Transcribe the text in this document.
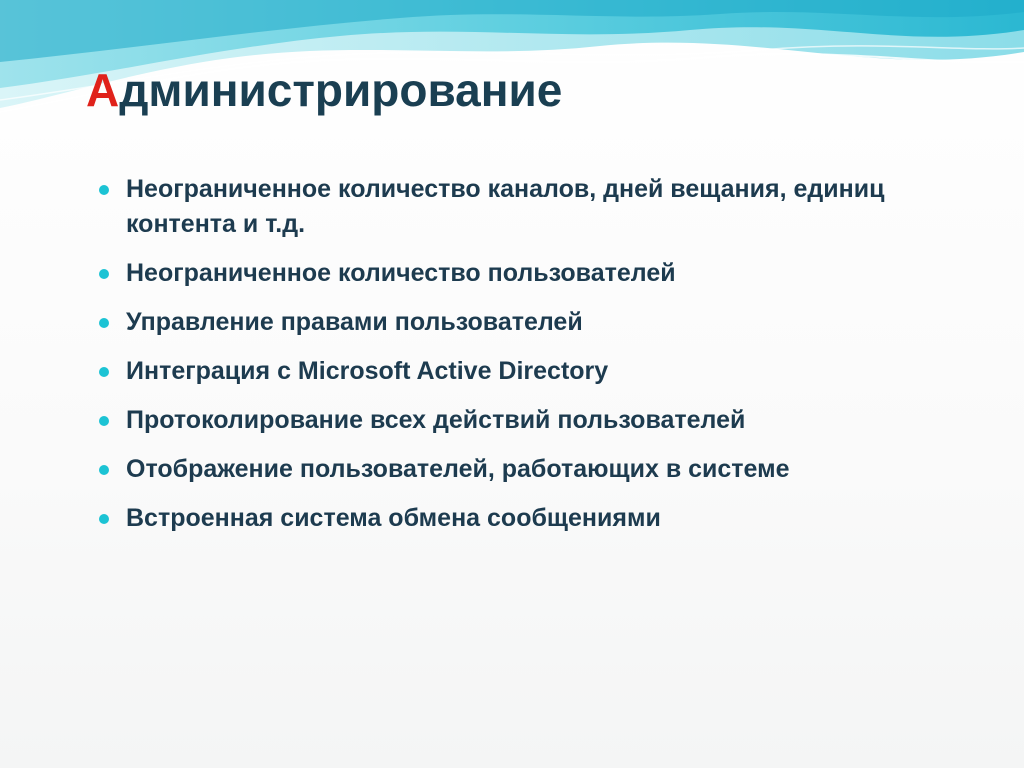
Администрирование
Неограниченное количество каналов, дней вещания, единиц контента и т.д.
Неограниченное количество пользователей
Управление правами пользователей
Интеграция с Microsoft Active Directory
Протоколирование всех действий пользователей
Отображение пользователей, работающих в системе
Встроенная система обмена сообщениями
